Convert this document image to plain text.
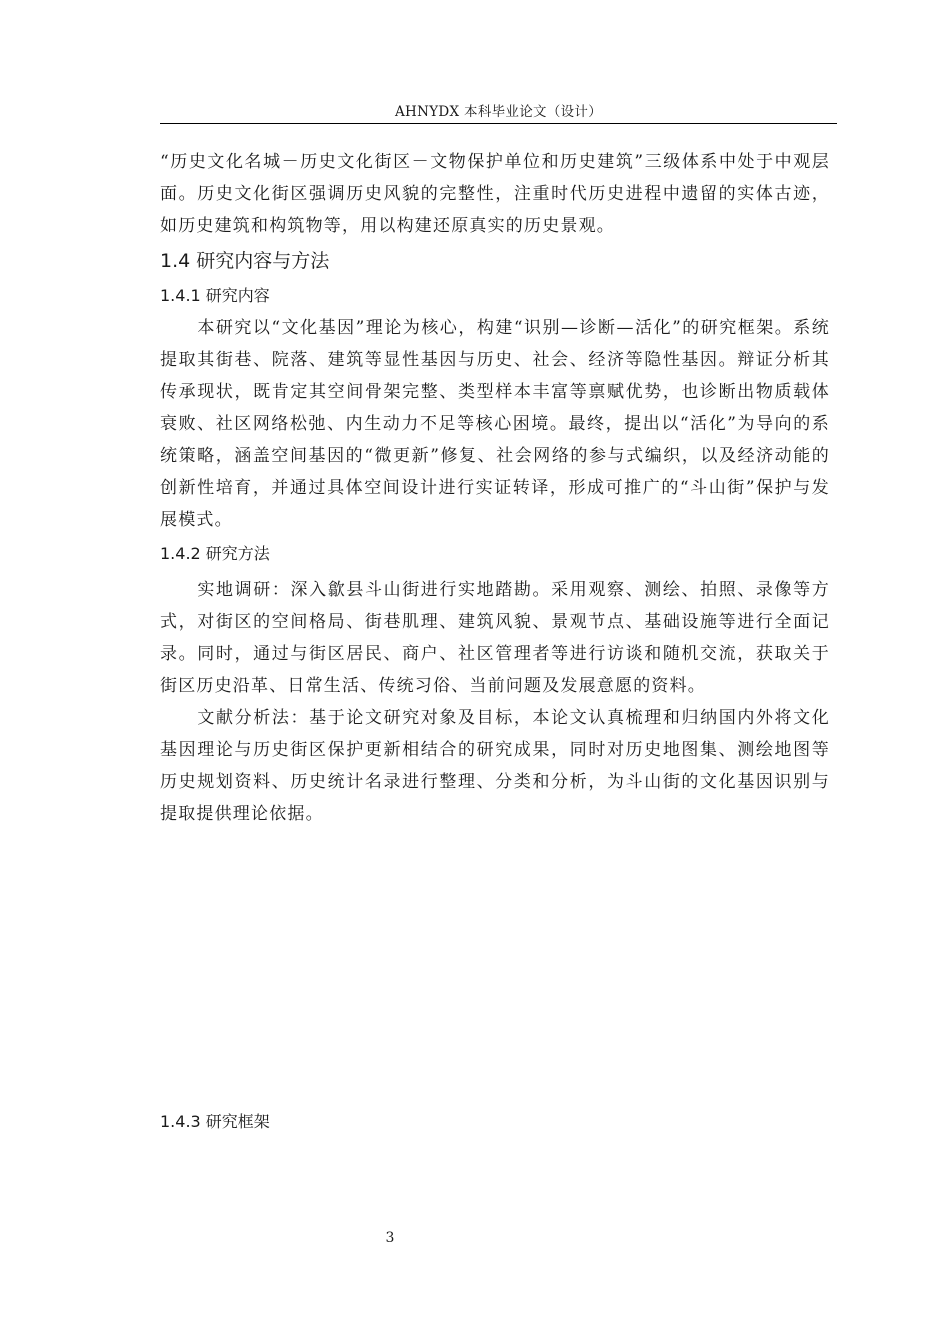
AHNYDX 本科毕业论文（设计）

“历史文化名城－历史文化街区－文物保护单位和历史建筑”三级体系中处于中观层面。历史文化街区强调历史风貌的完整性，注重时代历史进程中遗留的实体古迹，如历史建筑和构筑物等，用以构建还原真实的历史景观。

1.4 研究内容与方法
1.4.1 研究内容

本研究以“文化基因”理论为核心，构建“识别—诊断—活化”的研究框架。系统提取其街巷、院落、建筑等显性基因与历史、社会、经济等隐性基因。辩证分析其传承现状，既肯定其空间骨架完整、类型样本丰富等禀赋优势，也诊断出物质载体衰败、社区网络松弛、内生动力不足等核心困境。最终，提出以“活化”为导向的系统策略，涵盖空间基因的“微更新”修复、社会网络的参与式编织，以及经济动能的创新性培育，并通过具体空间设计进行实证转译，形成可推广的“斗山街”保护与发展模式。

1.4.2 研究方法

实地调研：深入歙县斗山街进行实地踏勘。采用观察、测绘、拍照、录像等方式，对街区的空间格局、街巷肌理、建筑风貌、景观节点、基础设施等进行全面记录。同时，通过与街区居民、商户、社区管理者等进行访谈和随机交流，获取关于街区历史沿革、日常生活、传统习俗、当前问题及发展意愿的资料。

文献分析法：基于论文研究对象及目标，本论文认真梳理和归纳国内外将文化基因理论与历史街区保护更新相结合的研究成果，同时对历史地图集、测绘地图等历史规划资料、历史统计名录进行整理、分类和分析，为斗山街的文化基因识别与提取提供理论依据。

1.4.3 研究框架
3
